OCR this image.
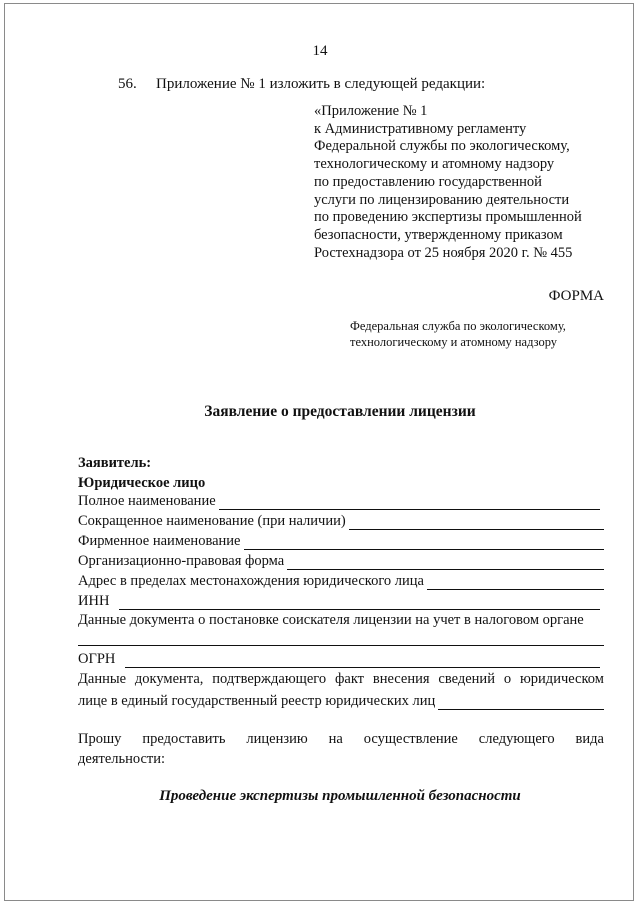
14
56. Приложение № 1 изложить в следующей редакции:
«Приложение № 1
к Административному регламенту
Федеральной службы по экологическому,
технологическому и атомному надзору
по предоставлению государственной
услуги по лицензированию деятельности
по проведению экспертизы промышленной
безопасности, утвержденному приказом
Ростехнадзора от 25 ноября 2020 г. № 455
ФОРМА
Федеральная служба по экологическому,
технологическому и атомному надзору
Заявление о предоставлении лицензии
Заявитель:
Юридическое лицо
Полное наименование
Сокращенное наименование (при наличии)
Фирменное наименование
Организационно-правовая форма
Адрес в пределах местонахождения юридического лица
ИНН
Данные документа о постановке соискателя лицензии на учет в налоговом органе
ОГРН
Данные документа, подтверждающего факт внесения сведений о юридическом
лице в единый государственный реестр юридических лиц
Прошу предоставить лицензию на осуществление следующего вида
деятельности:
Проведение экспертизы промышленной безопасности
